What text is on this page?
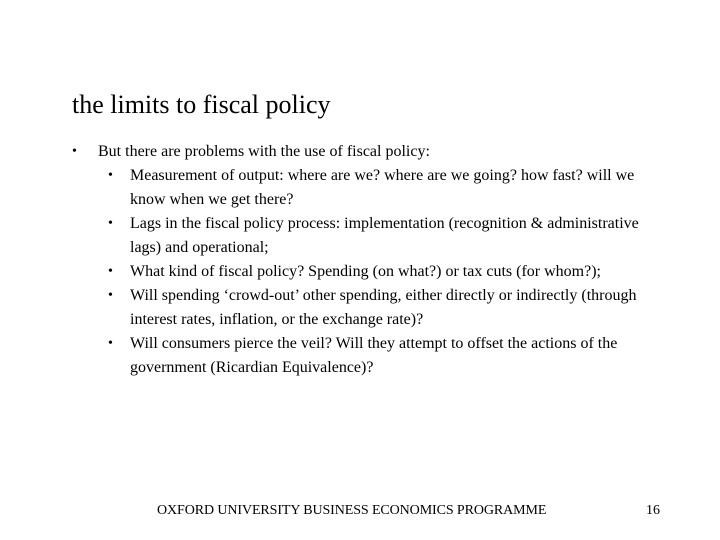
the limits to fiscal policy
• But there are problems with the use of fiscal policy:
• Measurement of output: where are we? where are we going? how fast? will we know when we get there?
• Lags in the fiscal policy process: implementation (recognition & administrative lags) and operational;
• What kind of fiscal policy? Spending (on what?) or tax cuts (for whom?);
• Will spending ‘crowd-out’ other spending, either directly or indirectly (through interest rates, inflation, or the exchange rate)?
• Will consumers pierce the veil? Will they attempt to offset the actions of the government (Ricardian Equivalence)?
OXFORD UNIVERSITY BUSINESS ECONOMICS PROGRAMME	16
